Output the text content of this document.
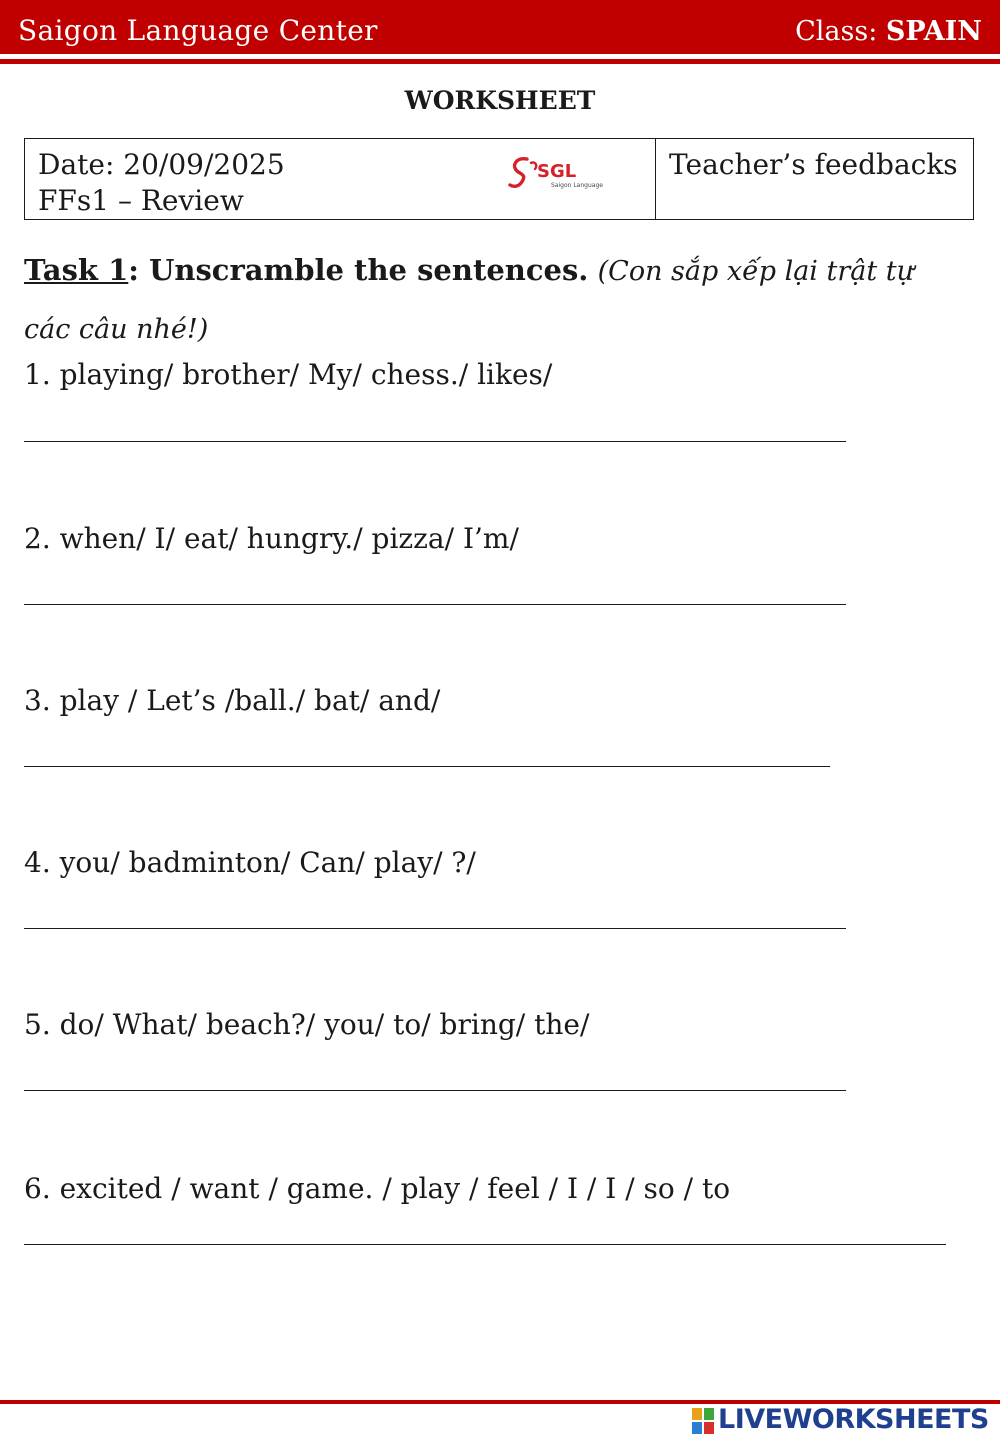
Saigon Language Center	Class: SPAIN
WORKSHEET
Date: 20/09/2025
FFs1 – Review
SGL
Saigon Language
Teacher’s feedbacks
Task 1: Unscramble the sentences. (Con sắp xếp lại trật tự các câu nhé!)
1. playing/ brother/ My/ chess./ likes/
2. when/ I/ eat/ hungry./ pizza/ I’m/
3. play / Let’s /ball./ bat/ and/
4. you/ badminton/ Can/ play/ ?/
5. do/ What/ beach?/ you/ to/ bring/ the/
6. excited / want / game. / play / feel / I / I / so / to
LIVEWORKSHEETS
